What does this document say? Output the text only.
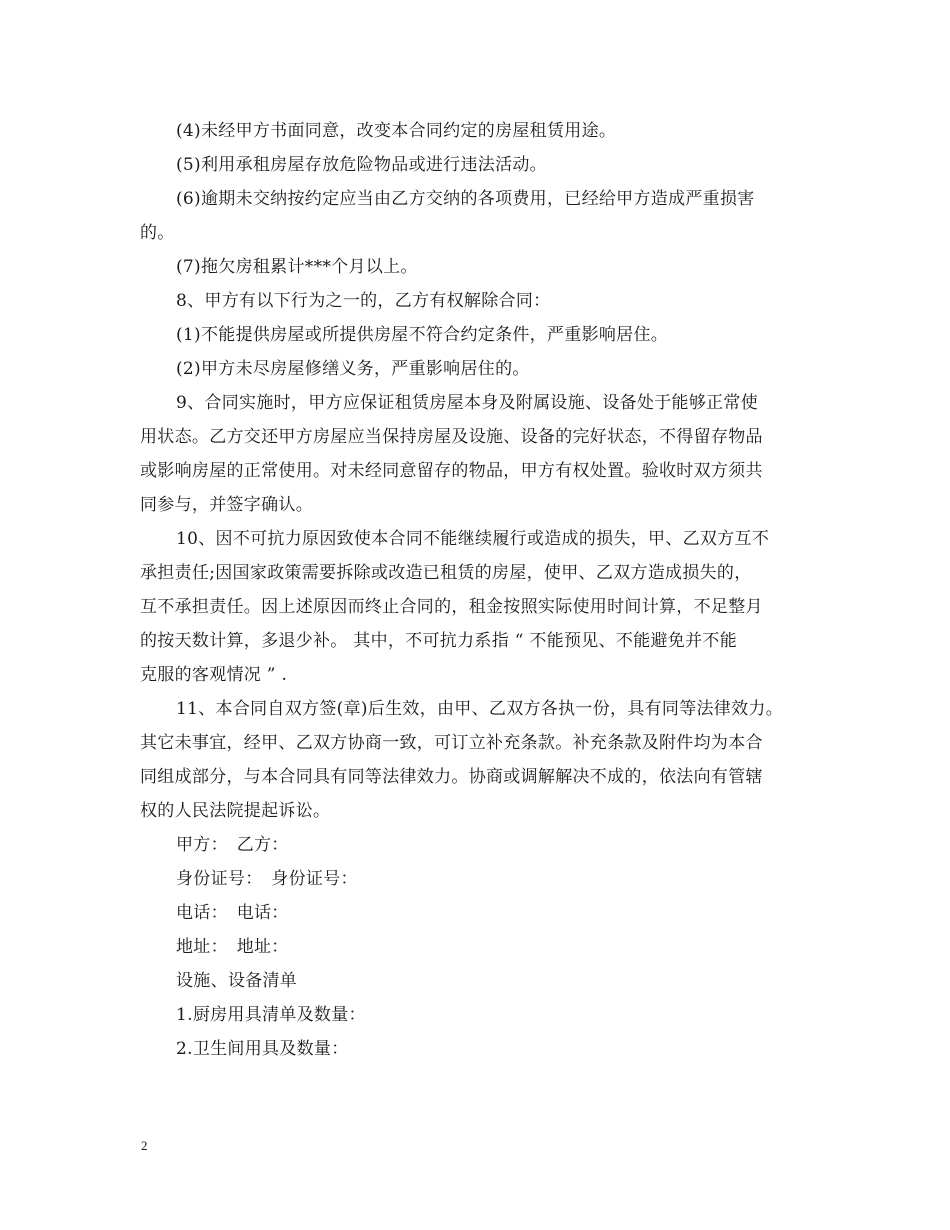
(4)未经甲方书面同意，改变本合同约定的房屋租赁用途。
(5)利用承租房屋存放危险物品或进行违法活动。
(6)逾期未交纳按约定应当由乙方交纳的各项费用，已经给甲方造成严重损害
的。
(7)拖欠房租累计***个月以上。
8、甲方有以下行为之一的，乙方有权解除合同：
(1)不能提供房屋或所提供房屋不符合约定条件，严重影响居住。
(2)甲方未尽房屋修缮义务，严重影响居住的。
9、合同实施时，甲方应保证租赁房屋本身及附属设施、设备处于能够正常使
用状态。乙方交还甲方房屋应当保持房屋及设施、设备的完好状态，不得留存物品
或影响房屋的正常使用。对未经同意留存的物品，甲方有权处置。验收时双方须共
同参与，并签字确认。
10、因不可抗力原因致使本合同不能继续履行或造成的损失，甲、乙双方互不
承担责任;因国家政策需要拆除或改造已租赁的房屋，使甲、乙双方造成损失的，
互不承担责任。因上述原因而终止合同的，租金按照实际使用时间计算，不足整月
的按天数计算，多退少补。 其中，不可抗力系指 “ 不能预见、不能避免并不能
克服的客观情况 ” .
11、本合同自双方签(章)后生效，由甲、乙双方各执一份，具有同等法律效力。
其它未事宜，经甲、乙双方协商一致，可订立补充条款。补充条款及附件均为本合
同组成部分，与本合同具有同等法律效力。协商或调解解决不成的，依法向有管辖
权的人民法院提起诉讼。
甲方：　乙方：
身份证号：　身份证号：
电话：　电话：
地址：　地址：
设施、设备清单
1.厨房用具清单及数量：
2.卫生间用具及数量：
2
